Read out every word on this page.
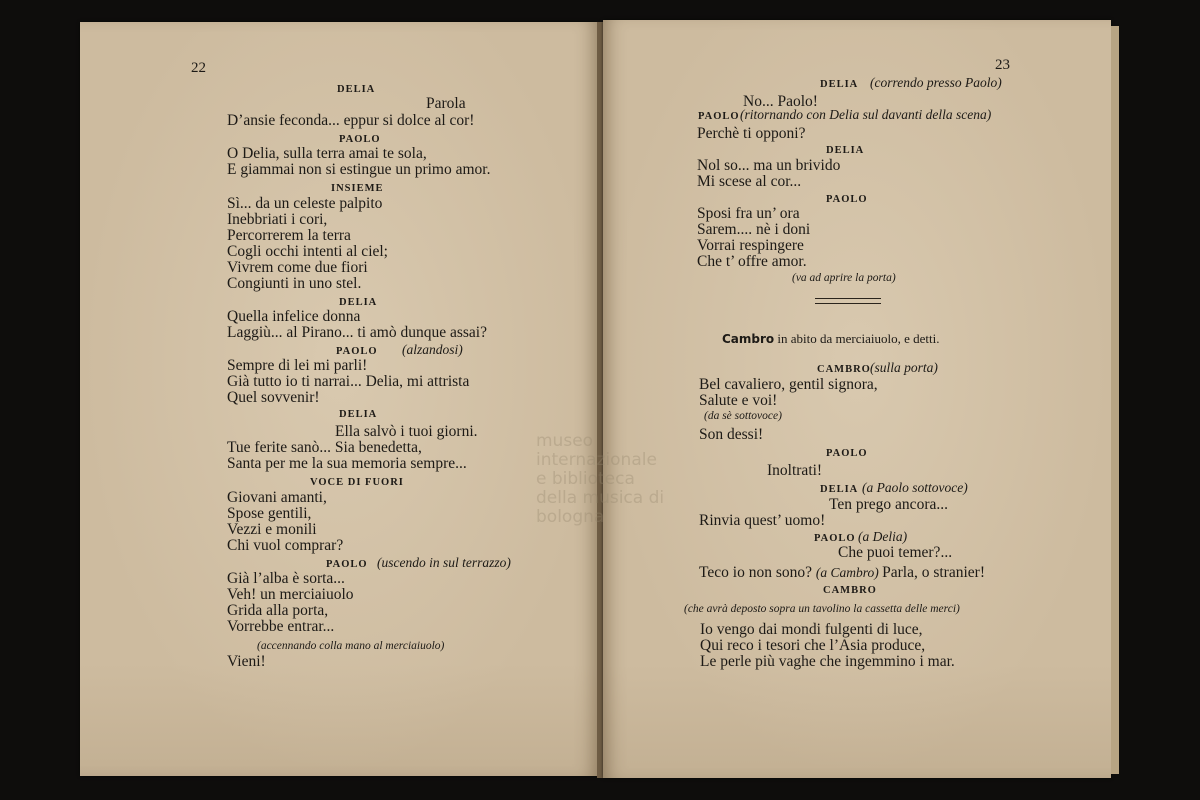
22	23
museo internazionale e biblioteca della musica di bologna
DELIA
Parola
D’ansie feconda... eppur si dolce al cor!
PAOLO
O Delia, sulla terra amai te sola,
E giammai non si estingue un primo amor.
INSIEME
Sì... da un celeste palpito
Inebbriati i cori,
Percorrerem la terra
Cogli occhi intenti al ciel;
Vivrem come due fiori
Congiunti in uno stel.
DELIA
Quella infelice donna
Laggiù... al Pirano... ti amò dunque assai?
PAOLO (alzandosi)
Sempre di lei mi parli!
Già tutto io ti narrai... Delia, mi attrista
Quel sovvenir!
DELIA
Ella salvò i tuoi giorni.
Tue ferite sanò... Sia benedetta,
Santa per me la sua memoria sempre...
VOCE DI FUORI
Giovani amanti,
Spose gentili,
Vezzi e monili
Chi vuol comprar?
PAOLO (uscendo in sul terrazzo)
Già l’alba è sorta...
Veh! un merciaiuolo
Grida alla porta,
Vorrebbe entrar...
(accennando colla mano al merciaiuolo)
Vieni!
DELIA (correndo presso Paolo)
No... Paolo!
PAOLO (ritornando con Delia sul davanti della scena)
Perchè ti opponi?
DELIA
Nol so... ma un brivido
Mi scese al cor...
PAOLO
Sposi fra un’ ora
Sarem.... nè i doni
Vorrai respingere
Che t’ offre amor.
(va ad aprire la porta)
Cambro in abito da merciaiuolo, e detti.
CAMBRO (sulla porta)
Bel cavaliero, gentil signora,
Salute e voi!
(da sè sottovoce)
Son dessi!
PAOLO
Inoltrati!
DELIA (a Paolo sottovoce)
Ten prego ancora...
Rinvia quest’ uomo!
PAOLO (a Delia)
Che puoi temer?...
Teco io non sono? (a Cambro) Parla, o stranier!
CAMBRO
(che avrà deposto sopra un tavolino la cassetta delle merci)
Io vengo dai mondi fulgenti di luce,
Qui reco i tesori che l’Asia produce,
Le perle più vaghe che ingemmino i mar.
